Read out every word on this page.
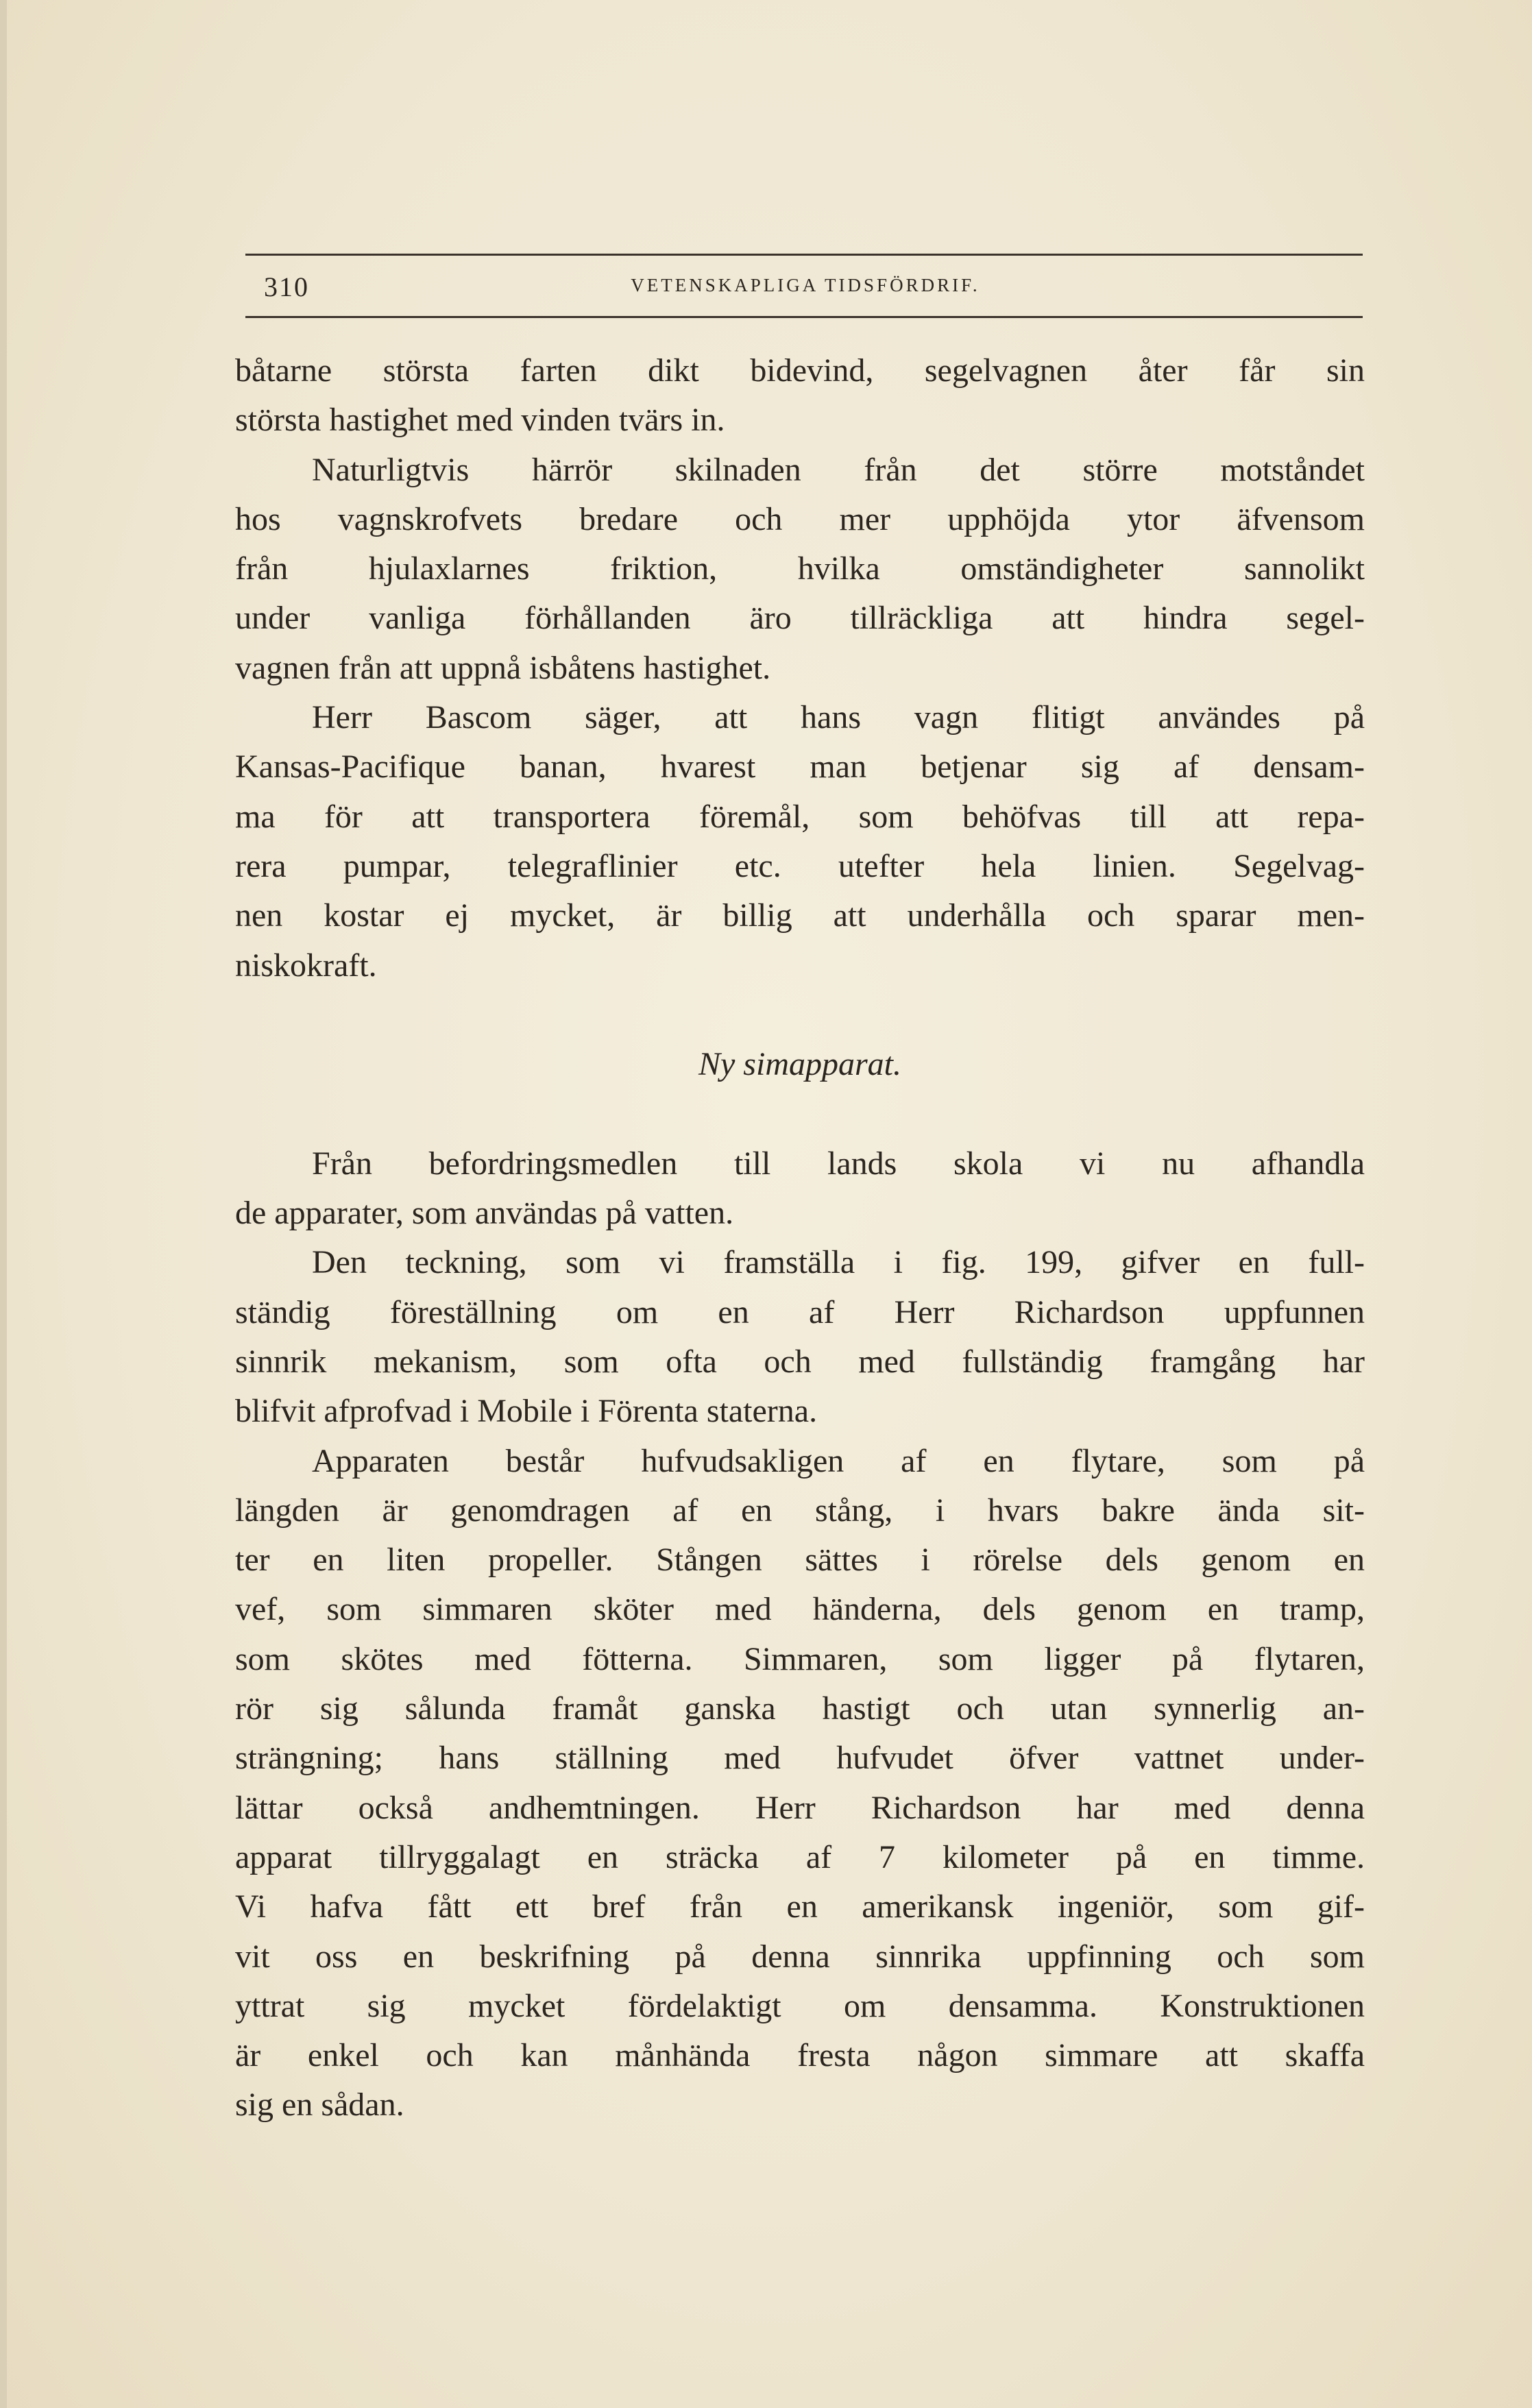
310	VETENSKAPLIGA TIDSFÖRDRIF.
båtarne största farten dikt bidevind, segelvagnen åter får sin
största hastighet med vinden tvärs in.
Naturligtvis härrör skilnaden från det större motståndet
hos vagnskrofvets bredare och mer upphöjda ytor äfvensom
från hjulaxlarnes friktion, hvilka omständigheter sannolikt
under vanliga förhållanden äro tillräckliga att hindra segel-
vagnen från att uppnå isbåtens hastighet.
Herr Bascom säger, att hans vagn flitigt användes på
Kansas-Pacifique banan, hvarest man betjenar sig af densam-
ma för att transportera föremål, som behöfvas till att repa-
rera pumpar, telegraflinier etc. utefter hela linien. Segelvag-
nen kostar ej mycket, är billig att underhålla och sparar men-
niskokraft.
Ny simapparat.
Från befordringsmedlen till lands skola vi nu afhandla
de apparater, som användas på vatten.
Den teckning, som vi framställa i fig. 199, gifver en full-
ständig föreställning om en af Herr Richardson uppfunnen
sinnrik mekanism, som ofta och med fullständig framgång har
blifvit afprofvad i Mobile i Förenta staterna.
Apparaten består hufvudsakligen af en flytare, som på
längden är genomdragen af en stång, i hvars bakre ända sit-
ter en liten propeller. Stången sättes i rörelse dels genom en
vef, som simmaren sköter med händerna, dels genom en tramp,
som skötes med fötterna. Simmaren, som ligger på flytaren,
rör sig sålunda framåt ganska hastigt och utan synnerlig an-
strängning; hans ställning med hufvudet öfver vattnet under-
lättar också andhemtningen. Herr Richardson har med denna
apparat tillryggalagt en sträcka af 7 kilometer på en timme.
Vi hafva fått ett bref från en amerikansk ingeniör, som gif-
vit oss en beskrifning på denna sinnrika uppfinning och som
yttrat sig mycket fördelaktigt om densamma. Konstruktionen
är enkel och kan månhända fresta någon simmare att skaffa
sig en sådan.
